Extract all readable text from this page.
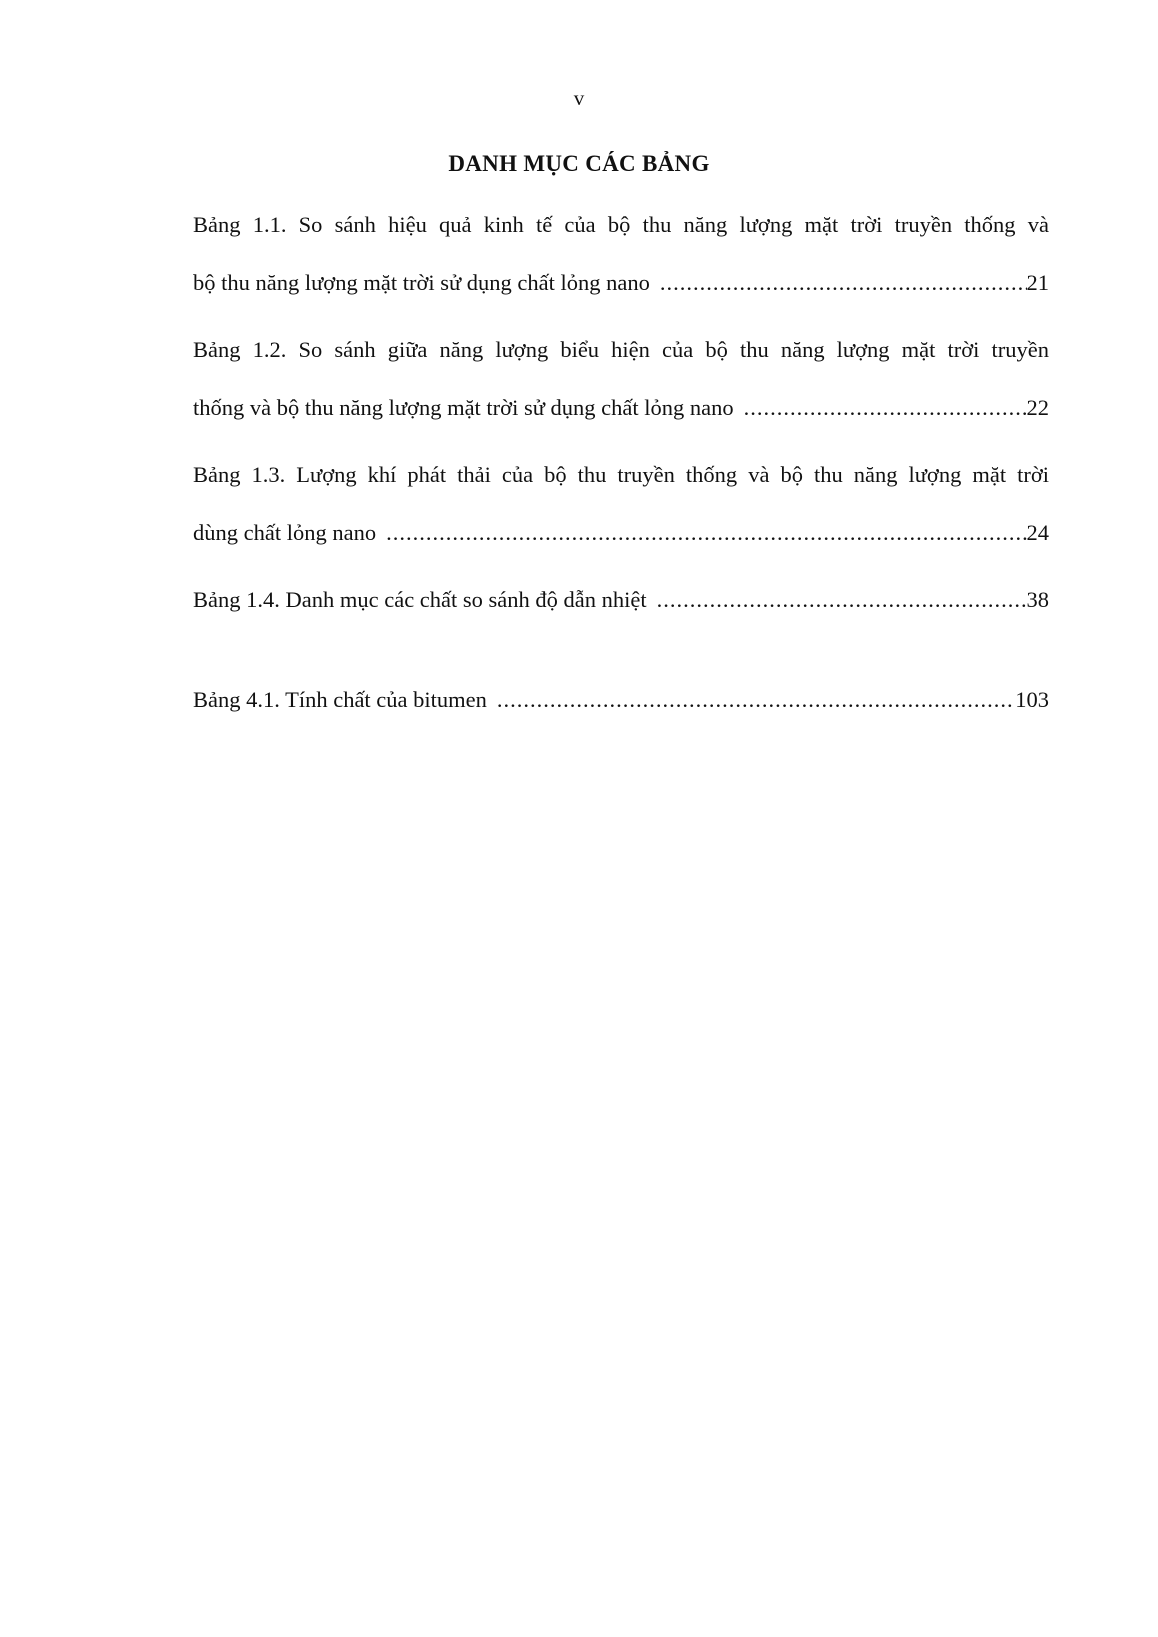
v
DANH MỤC CÁC BẢNG
Bảng 1.1. So sánh hiệu quả kinh tế của bộ thu năng lượng mặt trời truyền thống và
bộ thu năng lượng mặt trời sử dụng chất lỏng nano .....	21
Bảng 1.2. So sánh giữa năng lượng biểu hiện của bộ thu năng lượng mặt trời truyền
thống và bộ thu năng lượng mặt trời sử dụng chất lỏng nano .....	22
Bảng 1.3. Lượng khí phát thải của bộ thu truyền thống và bộ thu năng lượng mặt trời
dùng chất lỏng nano .....	24
Bảng 1.4. Danh mục các chất so sánh độ dẫn nhiệt .....	38
Bảng 4.1. Tính chất của bitumen .....	103
